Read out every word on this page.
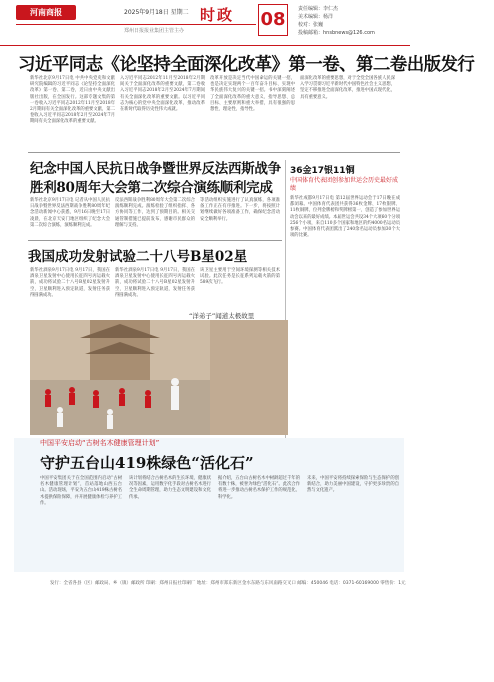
河南商报	2025年9月18日 星期二 时政 08	责任编辑：李仁杰
美术编辑：杨洋
校对：张巍
投稿邮箱：hnsbnews@126.com
郑州日报报业集团主管主办
习近平同志《论坚持全面深化改革》第一卷、第二卷出版发行
新华社北京9月17日电 中共中央党史和文献研究院编辑的习近平同志《论坚持全面深化改革》第一卷、第二卷，近日由中央文献出版社出版，在全国发行。这部专题文集的第一卷收入习近平同志2012年11月至2018年2月期间有关全面深化改革的重要文献，第二卷收入习近平同志2018年2月至2024年7月期间有关全面深化改革的重要文献。
入习近平同志2012年11月至2018年2月期间关于全面深化改革的重要文献，第二卷收入习近平同志2018年2月至2024年7月期间有关全面深化改革的重要文献。以习近平同志为核心的党中央全面深化改革，推动改革在新时代取得历史性伟大成就。
改革开放是决定当代中国命运的关键一招，也是决定实现两个一百年奋斗目标、实现中华民族伟大复兴的关键一招。书中深刻阐述了全面深化改革的重大意义、指导思想、总目标、主要原则和重大举措，具有很强的思想性、理论性、指导性。
面深化改革的重要思想，对于全党全国各族人民深入学习贯彻习近平新时代中国特色社会主义思想，坚定不移推进全面深化改革，推进中国式现代化，具有重要意义。
纪念中国人民抗日战争暨世界反法西斯战争
胜利80周年大会第二次综合演练顺利完成
新华社北京9月17日电 记者从中国人民抗日战争暨世界反法西斯战争胜利80周年纪念活动新闻中心获悉，9月16日晚至17日凌晨，在北京天安门地区组织了纪念大会第二次综合演练，演练顺利完成。
反法西斯战争胜利80周年大会第二次综合演练顺利完成。演练检验了组织指挥、各方协同等工作，达到了预期目的。相关交通管制措施已提前发布，感谢市民群众的理解与支持。
等活动组织实施进行了认真演练，各项准备工作正在有序推进。下一步，将按照计划继续做好各项准备工作，确保纪念活动安全顺利举行。
36金17银11铜
中国体育代表团创参加世运会历史最好成绩
新华社成都9月17日电 第12届世界运动会于17日晚在成都闭幕。中国体育代表团共获得36枚金牌、17枚银牌、11枚铜牌，位列金牌榜和奖牌榜第一，创造了参加世界运动会以来的最好成绩。本届世运会共设34个大项60个分项256个小项，来自110多个国家和地区的约4000名运动员参赛。中国体育代表团派出了240余名运动员参加30个大项的比赛。
我国成功发射试验二十八号B星02星
新华社酒泉9月17日电 9月17日，我国在酒泉卫星发射中心使用长征四号丙运载火箭，成功将试验二十八号B星02星发射升空，卫星顺利进入预定轨道，发射任务获得圆满成功。
新华社酒泉9月17日电 9月17日，我国在酒泉卫星发射中心使用长征四号丙运载火箭，成功将试验二十八号B星02星发射升空，卫星顺利进入预定轨道，发射任务获得圆满成功。
该卫星主要用于空间环境探测等相关技术试验。此次任务是长征系列运载火箭的第589次飞行。
“洋弟子”闻道太极故里
近日，来自外国的太极拳爱好者在河南温县陈家沟学习练习太极拳。近年来，温县依托太极拳发源地优势，吸引大批外国太极拳爱好者前来学习交流，体验中国传统文化魅力。新华社发
中国平安启动“古树名木健康管理计划”
守护五台山419株绿色“活化石”
中国平安集团关于在全国范围内启动“古树名木健康管理计划”，首站落地山西五台山。活动现场，平安为五台山419株古树名木提供保险保障，并开展健康体检与养护工作。
该计划将结合古树名木的生长环境、健康状况等因素，运用数字化手段对古树名木进行全生命周期管理，助力生态文明建设和文化传承。
据介绍，五台山古树名木中树龄超过千年的有数十株，被誉为绿色“活化石”。此次合作将进一步推动古树名木保护工作的规范化、科学化。
未来，中国平安将持续探索保险与生态保护的创新结合，助力美丽中国建设，守护更多珍贵的自然与文化遗产。
发行：全省各县（区）邮政局、乡（镇）邮政所 印刷：郑州日报社印刷厂 地址：郑州市郑东新区金水东路与东风南路交叉口 邮编：450046 电话：0371-60169000 零售价：1元
